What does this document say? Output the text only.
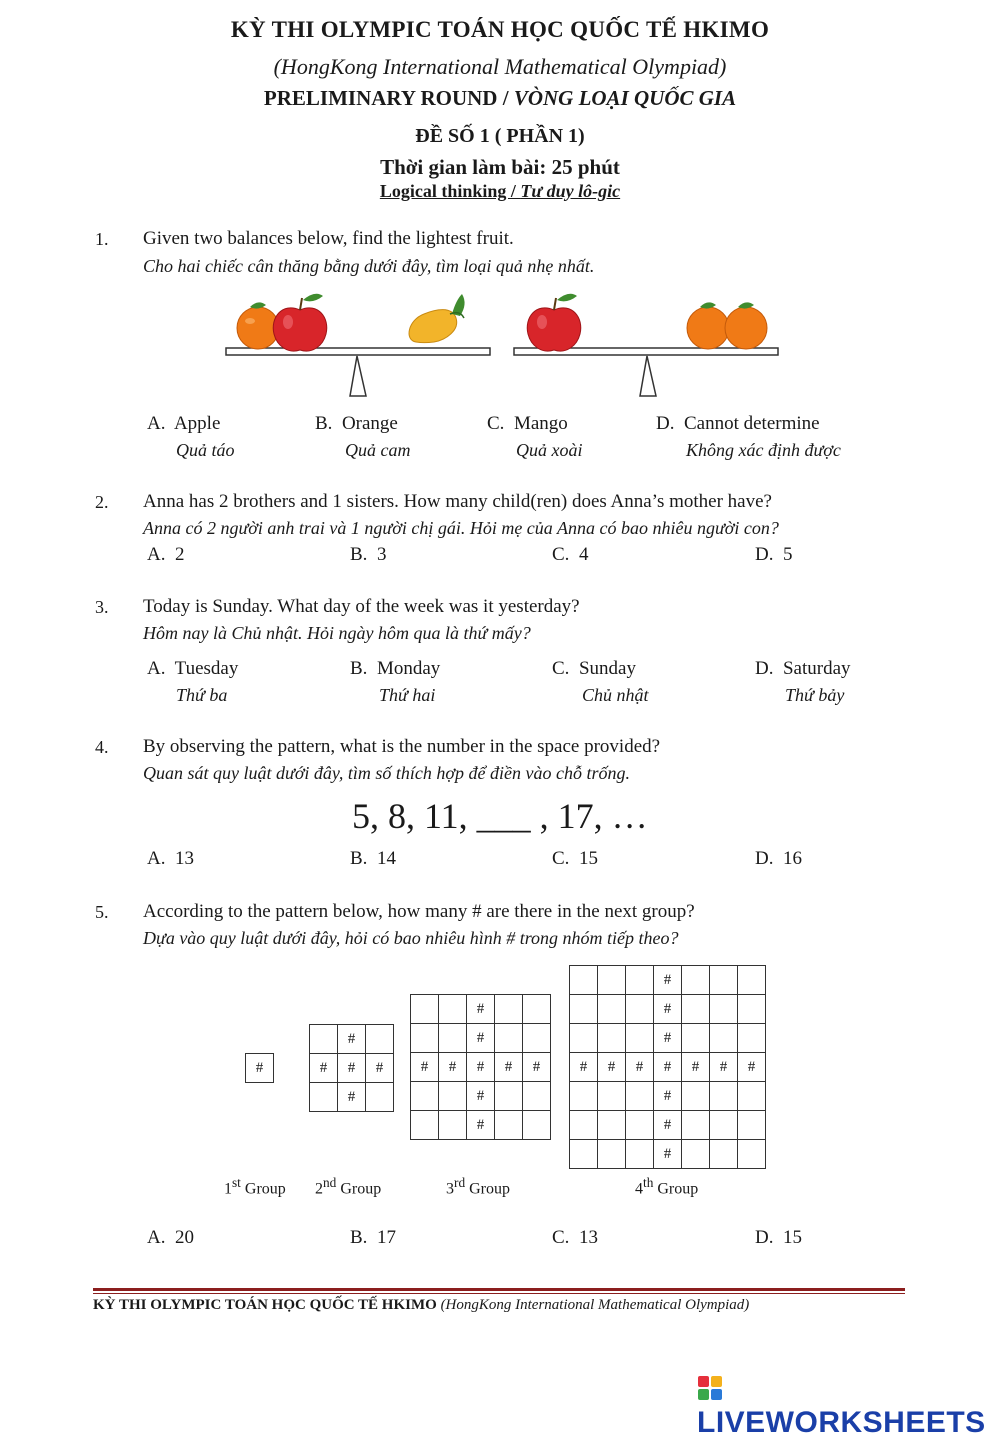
KỲ THI OLYMPIC TOÁN HỌC QUỐC TẾ HKIMO
(HongKong International Mathematical Olympiad)
PRELIMINARY ROUND / VÒNG LOẠI QUỐC GIA
ĐỀ SỐ 1 ( PHẦN 1)
Thời gian làm bài: 25 phút
Logical thinking / Tư duy lô-gic
1. Given two balances below, find the lightest fruit.
Cho hai chiếc cân thăng bằng dưới đây, tìm loại quả nhẹ nhất.
A. Apple
Quả táo
B. Orange
Quả cam
C. Mango
Quả xoài
D. Cannot determine
Không xác định được
2. Anna has 2 brothers and 1 sisters. How many child(ren) does Anna’s mother have?
Anna có 2 người anh trai và 1 người chị gái. Hỏi mẹ của Anna có bao nhiêu người con?
A. 2	B. 3	C. 4	D. 5
3. Today is Sunday. What day of the week was it yesterday?
Hôm nay là Chủ nhật. Hỏi ngày hôm qua là thứ mấy?
A. Tuesday
Thứ ba
B. Monday
Thứ hai
C. Sunday
Chủ nhật
D. Saturday
Thứ bảy
4. By observing the pattern, what is the number in the space provided?
Quan sát quy luật dưới đây, tìm số thích hợp để điền vào chỗ trống.
5, 8, 11, ___ , 17, …
A. 13	B. 14	C. 15	D. 16
5. According to the pattern below, how many # are there in the next group?
Dựa vào quy luật dưới đây, hỏi có bao nhiêu hình # trong nhóm tiếp theo?
#
	#	
#	#	#
	#	
		#		
		#		
#	#	#	#	#
		#		
		#		
			#			
			#			
			#			
#	#	#	#	#	#	#
			#			
			#			
			#			
1st Group 2nd Group	3rd Group	4th Group
A. 20	B. 17	C. 13	D. 15
KỲ THI OLYMPIC TOÁN HỌC QUỐC TẾ HKIMO (HongKong International Mathematical Olympiad)
LIVEWORKSHEETS
